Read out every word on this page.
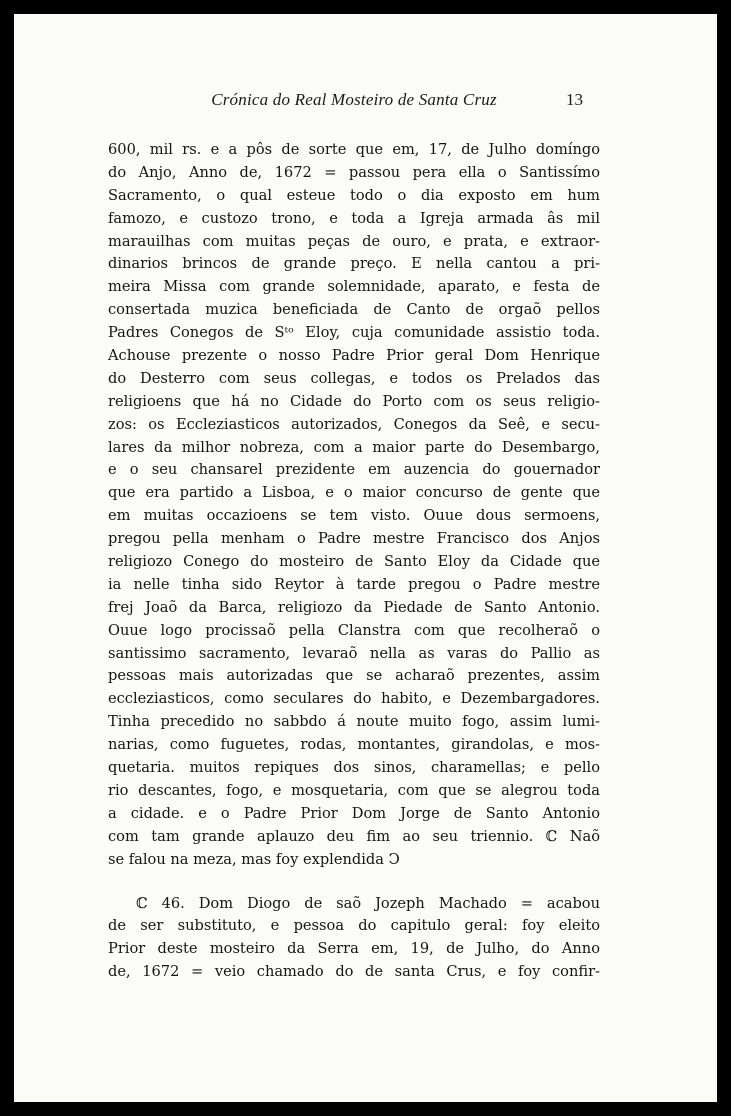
Crónica do Real Mosteiro de Santa Cruz	13
600, mil rs. e a pôs de sorte que em, 17, de Julho domíngo
do Anjo, Anno de, 1672 = passou pera ella o Santissímo
Sacramento, o qual esteue todo o dia exposto em hum
famozo, e custozo trono, e toda a Igreja armada âs mil
marauilhas com muitas peças de ouro, e prata, e extraor-
dinarios brincos de grande preço. E nella cantou a pri-
meira Missa com grande solemnidade, aparato, e festa de
consertada muzica beneficiada de Canto de orgaõ pellos
Padres Conegos de Sᵗᵒ Eloy, cuja comunidade assistio toda.
Achouse prezente o nosso Padre Prior geral Dom Henrique
do Desterro com seus collegas, e todos os Prelados das
religioens que há no Cidade do Porto com os seus religio-
zos: os Eccleziasticos autorizados, Conegos da Seê, e secu-
lares da milhor nobreza, com a maior parte do Desembargo,
e o seu chansarel prezidente em auzencia do gouernador
que era partido a Lisboa, e o maior concurso de gente que
em muitas occazioens se tem visto. Ouue dous sermoens,
pregou pella menham o Padre mestre Francisco dos Anjos
religiozo Conego do mosteiro de Santo Eloy da Cidade que
ia nelle tinha sido Reytor à tarde pregou o Padre mestre
frej Joaõ da Barca, religiozo da Piedade de Santo Antonio.
Ouue logo procissaõ pella Clanstra com que recolheraõ o
santissimo sacramento, levaraõ nella as varas do Pallio as
pessoas mais autorizadas que se acharaõ prezentes, assim
eccleziasticos, como seculares do habito, e Dezembargadores.
Tinha precedido no sabbdo á noute muito fogo, assim lumi-
narias, como fuguetes, rodas, montantes, girandolas, e mos-
quetaria. muitos repiques dos sinos, charamellas; e pello
rio descantes, fogo, e mosquetaria, com que se alegrou toda
a cidade. e o Padre Prior Dom Jorge de Santo Antonio
com tam grande aplauzo deu fim ao seu triennio. ℂ Naõ
se falou na meza, mas foy explendida Ↄ
ℂ 46. Dom Diogo de saõ Jozeph Machado = acabou
de ser substituto, e pessoa do capitulo geral: foy eleito
Prior deste mosteiro da Serra em, 19, de Julho, do Anno
de, 1672 = veio chamado do de santa Crus, e foy confir-
